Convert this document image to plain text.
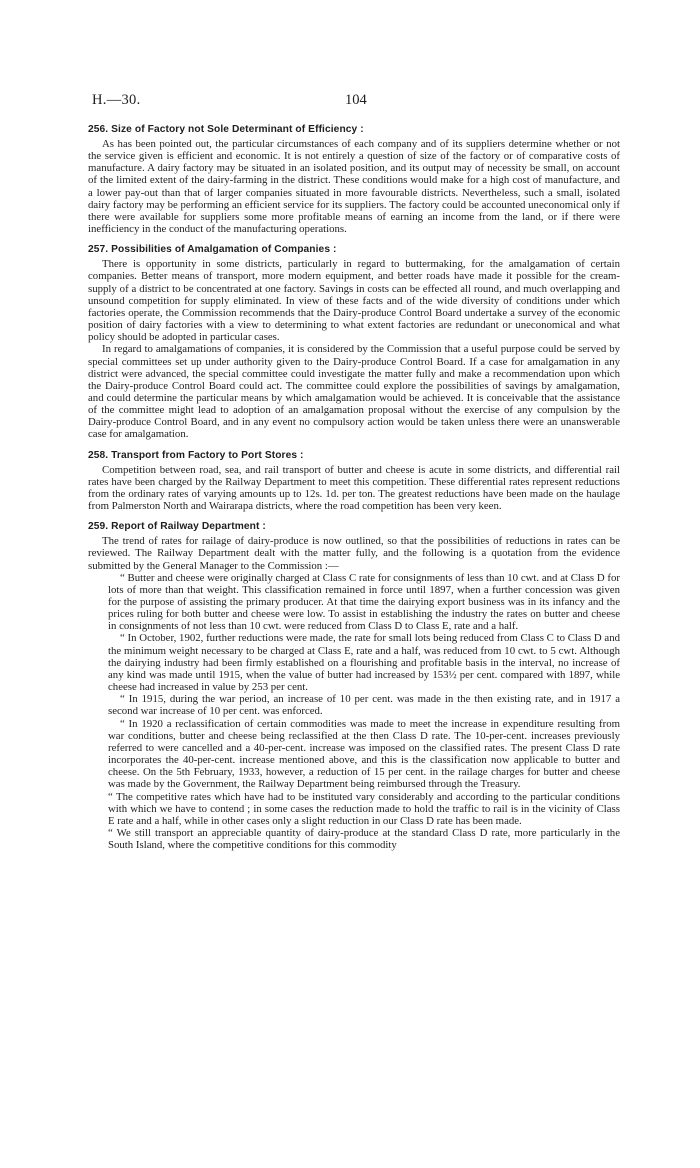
H.—30.	104
256. Size of Factory not Sole Determinant of Efficiency :

As has been pointed out, the particular circumstances of each company and of its suppliers determine whether or not the service given is efficient and economic. It is not entirely a question of size of the factory or of comparative costs of manufacture. A dairy factory may be situated in an isolated position, and its output may of necessity be small, on account of the limited extent of the dairy-farming in the district. These conditions would make for a high cost of manufacture, and a lower pay-out than that of larger companies situated in more favourable districts. Nevertheless, such a small, isolated dairy factory may be performing an efficient service for its suppliers. The factory could be accounted uneconomical only if there were available for suppliers some more profitable means of earning an income from the land, or if there were inefficiency in the conduct of the manufacturing operations.

257. Possibilities of Amalgamation of Companies :

There is opportunity in some districts, particularly in regard to buttermaking, for the amalgamation of certain companies. Better means of transport, more modern equipment, and better roads have made it possible for the cream-supply of a district to be concentrated at one factory. Savings in costs can be effected all round, and much overlapping and unsound competition for supply eliminated. In view of these facts and of the wide diversity of conditions under which factories operate, the Commission recommends that the Dairy-produce Control Board undertake a survey of the economic position of dairy factories with a view to determining to what extent factories are redundant or uneconomical and what policy should be adopted in particular cases.

In regard to amalgamations of companies, it is considered by the Commission that a useful purpose could be served by special committees set up under authority given to the Dairy-produce Control Board. If a case for amalgamation in any district were advanced, the special committee could investigate the matter fully and make a recommendation upon which the Dairy-produce Control Board could act. The committee could explore the possibilities of savings by amalgamation, and could determine the particular means by which amalgamation would be achieved. It is conceivable that the assistance of the committee might lead to adoption of an amalgamation proposal without the exercise of any compulsion by the Dairy-produce Control Board, and in any event no compulsory action would be taken unless there were an unanswerable case for amalgamation.

258. Transport from Factory to Port Stores :

Competition between road, sea, and rail transport of butter and cheese is acute in some districts, and differential rail rates have been charged by the Railway Department to meet this competition. These differential rates represent reductions from the ordinary rates of varying amounts up to 12s. 1d. per ton. The greatest reductions have been made on the haulage from Palmerston North and Wairarapa districts, where the road competition has been very keen.

259. Report of Railway Department :

The trend of rates for railage of dairy-produce is now outlined, so that the possibilities of reductions in rates can be reviewed. The Railway Department dealt with the matter fully, and the following is a quotation from the evidence submitted by the General Manager to the Commission :—

“ Butter and cheese were originally charged at Class C rate for consignments of less than 10 cwt. and at Class D for lots of more than that weight. This classification remained in force until 1897, when a further concession was given for the purpose of assisting the primary producer. At that time the dairying export business was in its infancy and the prices ruling for both butter and cheese were low. To assist in establishing the industry the rates on butter and cheese in consignments of not less than 10 cwt. were reduced from Class D to Class E, rate and a half.

“ In October, 1902, further reductions were made, the rate for small lots being reduced from Class C to Class D and the minimum weight necessary to be charged at Class E, rate and a half, was reduced from 10 cwt. to 5 cwt. Although the dairying industry had been firmly established on a flourishing and profitable basis in the interval, no increase of any kind was made until 1915, when the value of butter had increased by 153½ per cent. compared with 1897, while cheese had increased in value by 253 per cent.

“ In 1915, during the war period, an increase of 10 per cent. was made in the then existing rate, and in 1917 a second war increase of 10 per cent. was enforced.

“ In 1920 a reclassification of certain commodities was made to meet the increase in expenditure resulting from war conditions, butter and cheese being reclassified at the then Class D rate. The 10-per-cent. increases previously referred to were cancelled and a 40-per-cent. increase was imposed on the classified rates. The present Class D rate incorporates the 40-per-cent. increase mentioned above, and this is the classification now applicable to butter and cheese. On the 5th February, 1933, however, a reduction of 15 per cent. in the railage charges for butter and cheese was made by the Government, the Railway Department being reimbursed through the Treasury.

“ The competitive rates which have had to be instituted vary considerably and according to the particular conditions with which we have to contend ; in some cases the reduction made to hold the traffic to rail is in the vicinity of Class E rate and a half, while in other cases only a slight reduction in our Class D rate has been made.

“ We still transport an appreciable quantity of dairy-produce at the standard Class D rate, more particularly in the South Island, where the competitive conditions for this commodity
